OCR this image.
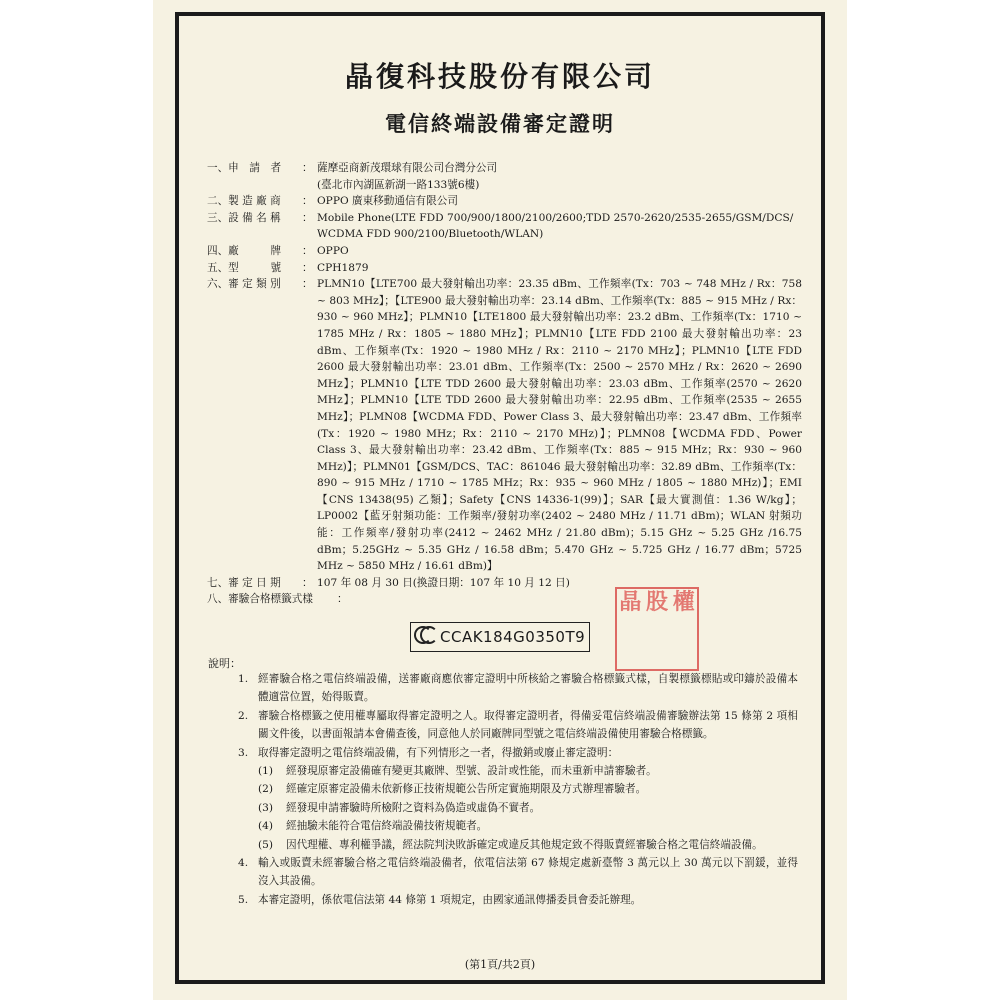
晶復科技股份有限公司
電信終端設備審定證明
一、申　請　者	： 薩摩亞商新茂環球有限公司台灣分公司
(臺北市內湖區新湖一路133號6樓)
二、製 造 廠 商	： OPPO 廣東移動通信有限公司
三、設 備 名 稱	： Mobile Phone(LTE FDD 700/900/1800/2100/2600;TDD 2570-2620/2535-2655/GSM/DCS/
WCDMA FDD 900/2100/Bluetooth/WLAN)
四、廠　　　牌	： OPPO
五、型　　　號	： CPH1879
六、審 定 類 別	： PLMN10【LTE700 最大發射輸出功率：23.35 dBm、工作頻率(Tx：703 ~ 748 MHz / Rx：758 ~ 803 MHz】；【LTE900 最大發射輸出功率：23.14 dBm、工作頻率(Tx：885 ~ 915 MHz / Rx：930 ~ 960 MHz】；PLMN10【LTE1800 最大發射輸出功率：23.2 dBm、工作頻率(Tx：1710 ~ 1785 MHz / Rx：1805 ~ 1880 MHz】；PLMN10【LTE FDD 2100 最大發射輸出功率：23 dBm、工作頻率(Tx：1920 ~ 1980 MHz / Rx：2110 ~ 2170 MHz】；PLMN10【LTE FDD 2600 最大發射輸出功率：23.01 dBm、工作頻率(Tx：2500 ~ 2570 MHz / Rx：2620 ~ 2690 MHz】；PLMN10【LTE TDD 2600 最大發射輸出功率：23.03 dBm、工作頻率(2570 ~ 2620 MHz】；PLMN10【LTE TDD 2600 最大發射輸出功率：22.95 dBm、工作頻率(2535 ~ 2655 MHz】；PLMN08【WCDMA FDD、Power Class 3、最大發射輸出功率：23.47 dBm、工作頻率(Tx：1920 ~ 1980 MHz；Rx：2110 ~ 2170 MHz)】；PLMN08【WCDMA FDD、Power Class 3、最大發射輸出功率：23.42 dBm、工作頻率(Tx：885 ~ 915 MHz；Rx：930 ~ 960 MHz)】；PLMN01【GSM/DCS、TAC：861046 最大發射輸出功率：32.89 dBm、工作頻率(Tx：890 ~ 915 MHz / 1710 ~ 1785 MHz；Rx：935 ~ 960 MHz / 1805 ~ 1880 MHz)】；EMI【CNS 13438(95) 乙類】；Safety【CNS 14336-1(99)】；SAR【最大實測值：1.36 W/kg】；LP0002【藍牙射頻功能：工作頻率/發射功率(2402 ~ 2480 MHz / 11.71 dBm)；WLAN 射頻功能：工作頻率/發射功率(2412 ~ 2462 MHz / 21.80 dBm)；5.15 GHz ~ 5.25 GHz /16.75 dBm；5.25GHz ~ 5.35 GHz / 16.58 dBm；5.470 GHz ~ 5.725 GHz / 16.77 dBm；5725 MHz ~ 5850 MHz / 16.61 dBm)】
七、審 定 日 期	： 107 年 08 月 30 日(換證日期：107 年 10 月 12 日)
八、審驗合格標籤式樣	：
CCAK184G0350T9
晶 股 權
說明：
1. 經審驗合格之電信終端設備，送審廠商應依審定證明中所核給之審驗合格標籤式樣，自製標籤標貼或印鑄於設備本體適當位置，始得販賣。
2. 審驗合格標籤之使用權專屬取得審定證明之人。取得審定證明者，得備妥電信終端設備審驗辦法第 15 條第 2 項相關文件後，以書面報請本會備查後，同意他人於同廠牌同型號之電信終端設備使用審驗合格標籤。
3. 取得審定證明之電信終端設備，有下列情形之一者，得撤銷或廢止審定證明：
(1)	經發現原審定設備確有變更其廠牌、型號、設計或性能，而未重新申請審驗者。
(2)	經確定原審定設備未依新修正技術規範公告所定實施期限及方式辦理審驗者。
(3)	經發現申請審驗時所檢附之資料為偽造或虛偽不實者。
(4)	經抽驗未能符合電信終端設備技術規範者。
(5)	因代理權、專利權爭議，經法院判決敗訴確定或違反其他規定致不得販賣經審驗合格之電信終端設備。
4. 輸入或販賣未經審驗合格之電信終端設備者，依電信法第 67 條規定處新臺幣 3 萬元以上 30 萬元以下罰鍰，並得沒入其設備。
5. 本審定證明，係依電信法第 44 條第 1 項規定，由國家通訊傳播委員會委託辦理。
(第1頁/共2頁)
